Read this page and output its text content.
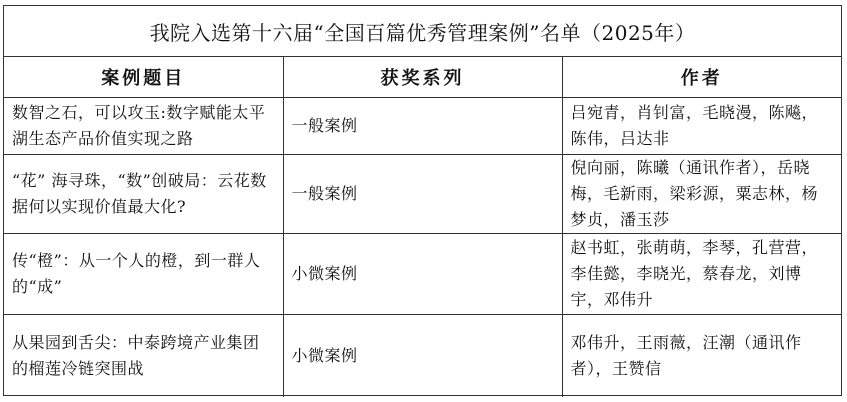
我院入选第十六届“全国百篇优秀管理案例”名单（2025年）		
案例题目	获奖系列	作者
数智之石，可以攻玉:数字赋能太平湖生态产品价值实现之路	一般案例	吕宛青，肖钊富，毛晓漫，陈飚，陈伟，吕达非
“花” 海寻珠，“数”创破局：云花数据何以实现价值最大化?	一般案例	倪向丽，陈曦（通讯作者），岳晓梅，毛新雨，梁彩源，粟志林，杨梦贞，潘玉莎
传“橙”：从一个人的橙，到一群人的“成”	小微案例	赵书虹，张萌萌，李琴，孔营营，李佳懿，李晓光，蔡春龙，刘博宇，邓伟升
从果园到舌尖：中泰跨境产业集团的榴莲冷链突围战	小微案例	邓伟升，王雨薇，汪潮（通讯作者），王赞信
